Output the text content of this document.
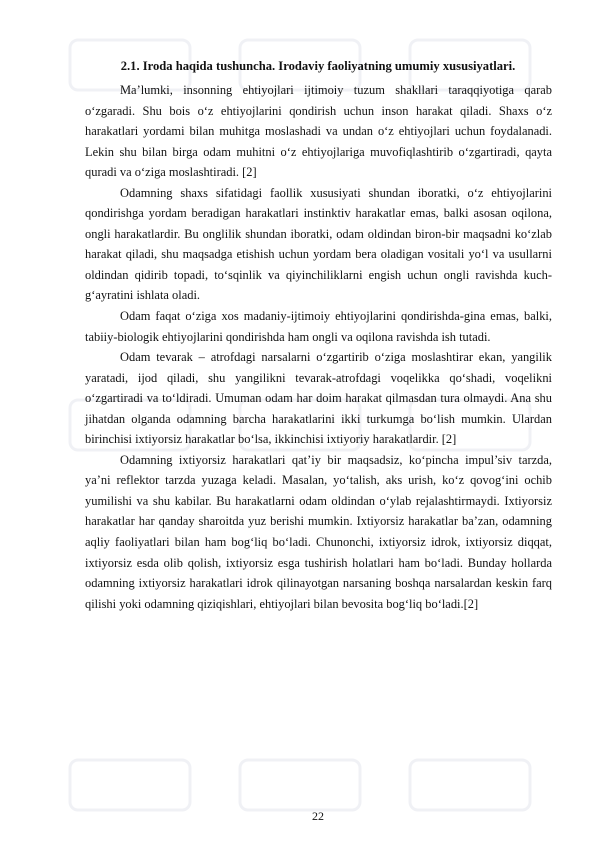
2.1. Iroda haqida tushuncha. Irodaviy faoliyatning umumiy xususiyatlari.

Ma’lumki, insonning ehtiyojlari ijtimoiy tuzum shakllari taraqqiyotiga qarab o‘zgaradi. Shu bois o‘z ehtiyojlarini qondirish uchun inson harakat qiladi. Shaxs o‘z harakatlari yordami bilan muhitga moslashadi va undan o‘z ehtiyojlari uchun foydalanadi. Lekin shu bilan birga odam muhitni o‘z ehtiyojlariga muvofiqlashtirib o‘zgartiradi, qayta quradi va o‘ziga moslashtiradi. [2]

Odamning shaxs sifatidagi faollik xususiyati shundan iboratki, o‘z ehtiyojlarini qondirishga yordam beradigan harakatlari instinktiv harakatlar emas, balki asosan oqilona, ongli harakatlardir. Bu onglilik shundan iboratki, odam oldindan biron-bir maqsadni ko‘zlab harakat qiladi, shu maqsadga etishish uchun yordam bera oladigan vositali yo‘l va usullarni oldindan qidirib topadi, to‘sqinlik va qiyinchiliklarni engish uchun ongli ravishda kuch-g‘ayratini ishlata oladi.

Odam faqat o‘ziga xos madaniy-ijtimoiy ehtiyojlarini qondirishda-gina emas, balki, tabiiy-biologik ehtiyojlarini qondirishda ham ongli va oqilona ravishda ish tutadi.

Odam tevarak – atrofdagi narsalarni o‘zgartirib o‘ziga moslashtirar ekan, yangilik yaratadi, ijod qiladi, shu yangilikni tevarak-atrofdagi voqelikka qo‘shadi, voqelikni o‘zgartiradi va to‘ldiradi. Umuman odam har doim harakat qilmasdan tura olmaydi. Ana shu jihatdan olganda odamning barcha harakatlarini ikki turkumga bo‘lish mumkin. Ulardan birinchisi ixtiyorsiz harakatlar bo‘lsa, ikkinchisi ixtiyoriy harakatlardir. [2]

Odamning ixtiyorsiz harakatlari qat’iy bir maqsadsiz, ko‘pincha impul’siv tarzda, ya’ni reflektor tarzda yuzaga keladi. Masalan, yo‘talish, aks urish, ko‘z qovog‘ini ochib yumilishi va shu kabilar. Bu harakatlarni odam oldindan o‘ylab rejalashtirmaydi. Ixtiyorsiz harakatlar har qanday sharoitda yuz berishi mumkin. Ixtiyorsiz harakatlar ba’zan, odamning aqliy faoliyatlari bilan ham bog‘liq bo‘ladi. Chunonchi, ixtiyorsiz idrok, ixtiyorsiz diqqat, ixtiyorsiz esda olib qolish, ixtiyorsiz esga tushirish holatlari ham bo‘ladi. Bunday hollarda odamning ixtiyorsiz harakatlari idrok qilinayotgan narsaning boshqa narsalardan keskin farq qilishi yoki odamning qiziqishlari, ehtiyojlari bilan bevosita bog‘liq bo‘ladi.[2]

22
